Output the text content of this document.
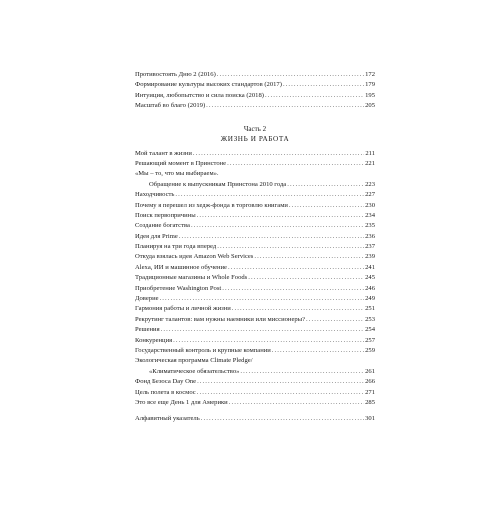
Противостоять Дню 2 (2016) .....	172
Формирование культуры высоких стандартов (2017) .....	179
Интуиция, любопытство и сила поиска (2018) .....	195
Масштаб во благо (2019) .....	205
Часть 2
ЖИЗНЬ И РАБОТА
Мой талант в жизни .....	211
Решающий момент в Принстоне .....	221
«Мы – то, что мы выбираем».
Обращение к выпускникам Принстона 2010 года .....	223
Находчивость .....	227
Почему я перешел из хедж-фонда в торговлю книгами .....	230
Поиск первопричины .....	234
Создание богатства .....	235
Идея для Prime .....	236
Планируя на три года вперед .....	237
Откуда взялась идея Amazon Web Services .....	239
Alexa, ИИ и машинное обучение .....	241
Традиционные магазины и Whole Foods .....	245
Приобретение Washington Post .....	246
Доверие .....	249
Гармония работы и личной жизни .....	251
Рекрутинг талантов: вам нужны наемники или миссионеры? .....	253
Решения .....	254
Конкуренция .....	257
Государственный контроль и крупные компании .....	259
Экологическая программа Climate Pledge/
«Климатическое обязательство» .....	261
Фонд Безоса Day One .....	266
Цель полета в космос .....	271
Это все еще День 1 для Америки .....	285
Алфавитный указатель .....	301
